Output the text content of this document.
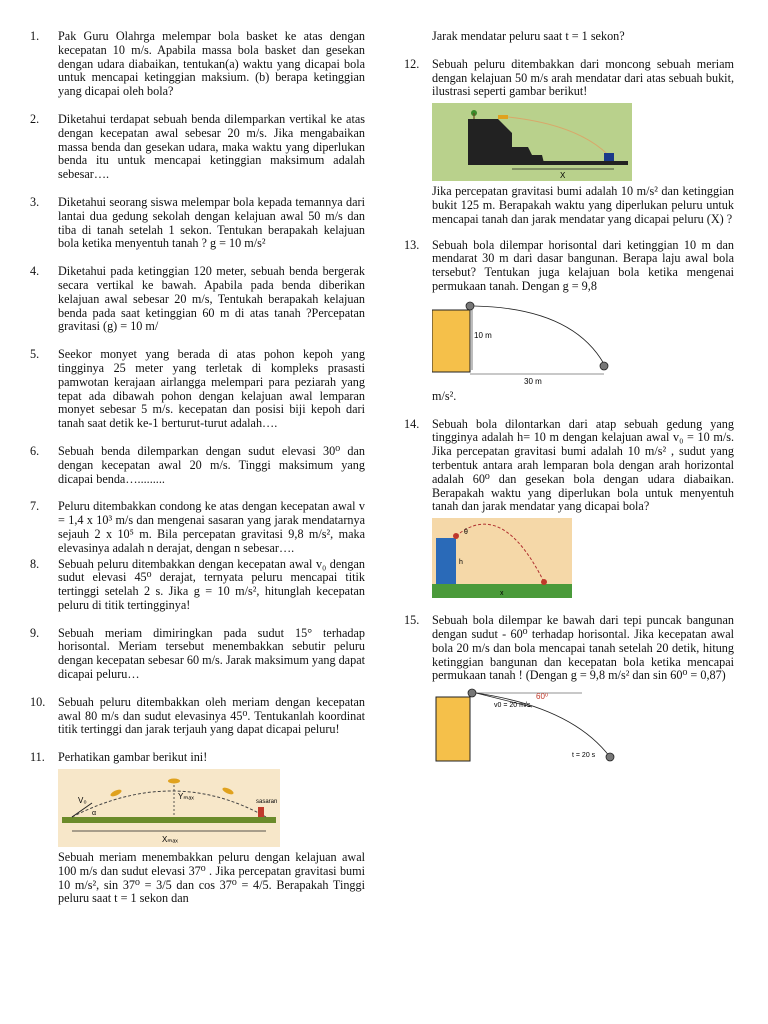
1.	Pak Guru Olahrga melempar bola basket ke atas dengan kecepatan 10 m/s. Apabila massa bola basket dan gesekan dengan udara diabaikan, tentukan(a) waktu yang dicapai bola untuk mencapai ketinggian maksium. (b) berapa ketinggian yang dicapai oleh bola?

2.	Diketahui terdapat sebuah benda dilemparkan vertikal ke atas dengan kecepatan awal sebesar 20 m/s. Jika mengabaikan massa benda dan gesekan udara, maka waktu yang diperlukan benda itu untuk mencapai ketinggian maksimum adalah sebesar….

3.	Diketahui seorang siswa melempar bola kepada temannya dari lantai dua gedung sekolah dengan kelajuan awal 50 m/s dan tiba di tanah setelah 1 sekon. Tentukan berapakah kelajuan bola ketika menyentuh tanah ? g = 10 m/s²

4.	Diketahui pada ketinggian 120 meter, sebuah benda bergerak secara vertikal ke bawah. Apabila pada benda diberikan kelajuan awal sebesar 20 m/s, Tentukah berapakah kelajuan benda pada saat ketinggian 60 m di atas tanah ?Percepatan gravitasi (g) = 10 m/

5.	Seekor monyet yang berada di atas pohon kepoh yang tingginya 25 meter yang terletak di kompleks prasasti pamwotan kerajaan airlangga melempari para peziarah yang tepat ada dibawah pohon dengan kelajuan awal lemparan monyet sebesar 5 m/s. kecepatan dan posisi biji kepoh dari tanah saat detik ke-1 berturut-turut adalah….

6.	Sebuah benda dilemparkan dengan sudut elevasi 30⁰ dan dengan kecepatan awal 20 m/s. Tinggi maksimum yang dicapai benda….........

7.	Peluru ditembakkan condong ke atas dengan kecepatan awal v = 1,4 x 10³ m/s dan mengenai sasaran yang jarak mendatarnya sejauh 2 x 10⁵ m. Bila percepatan gravitasi 9,8 m/s², maka elevasinya adalah n derajat, dengan n sebesar….

8.	Sebuah peluru ditembakkan dengan kecepatan awal v₀ dengan sudut elevasi 45⁰ derajat, ternyata peluru mencapai titik tertinggi setelah 2 s. Jika g = 10 m/s², hitunglah kecepatan peluru di titik tertingginya!

9.	Sebuah meriam dimiringkan pada sudut 15° terhadap horisontal. Meriam tersebut menembakkan sebutir peluru dengan kecepatan sebesar 60 m/s. Jarak maksimum yang dapat dicapai peluru…

10.	Sebuah peluru ditembakkan oleh meriam dengan kecepatan awal 80 m/s dan sudut elevasinya 45⁰. Tentukanlah koordinat titik tertinggi dan jarak terjauh yang dapat dicapai peluru!

11.	Perhatikan gambar berikut ini!

V₀
α
Yₘₐₓ
sasaran
Xₘₐₓ

Sebuah meriam menembakkan peluru dengan kelajuan awal 100 m/s dan sudut elevasi 37⁰ . Jika percepatan gravitasi bumi 10 m/s², sin 37⁰ = 3/5 dan cos 37⁰ = 4/5. Berapakah Tinggi peluru saat t = 1 sekon dan

Jarak mendatar peluru saat t = 1 sekon?

12.	Sebuah peluru ditembakkan dari moncong sebuah meriam dengan kelajuan 50 m/s arah mendatar dari atas sebuah bukit, ilustrasi seperti gambar berikut!

X

Jika percepatan gravitasi bumi adalah 10 m/s² dan ketinggian bukit 125 m. Berapakah waktu yang diperlukan peluru untuk mencapai tanah dan jarak mendatar yang dicapai peluru (X) ?

13.	Sebuah bola dilempar horisontal dari ketinggian 10 m dan mendarat 30 m dari dasar bangunan. Berapa laju awal bola tersebut? Tentukan juga kelajuan bola ketika mengenai permukaan tanah. Dengan g = 9,8

10 m
30 m

m/s².

14.	Sebuah bola dilontarkan dari atap sebuah gedung yang tingginya adalah h= 10 m dengan kelajuan awal v₀ = 10 m/s. Jika percepatan gravitasi bumi adalah 10 m/s² , sudut yang terbentuk antara arah lemparan bola dengan arah horizontal adalah 60⁰ dan gesekan bola dengan udara diabaikan. Berapakah waktu yang diperlukan bola untuk menyentuh tanah dan jarak mendatar yang dicapai bola?

θ
h
x
15.	Sebuah bola dilempar ke bawah dari tepi puncak bangunan dengan sudut - 60⁰ terhadap horisontal. Jika kecepatan awal bola 20 m/s dan bola mencapai tanah setelah 20 detik, hitung ketinggian bangunan dan kecepatan bola ketika mencapai permukaan tanah ! (Dengan g = 9,8 m/s² dan sin 60⁰ = 0,87)

60⁰
v0 = 20 m/s
t = 20 s
